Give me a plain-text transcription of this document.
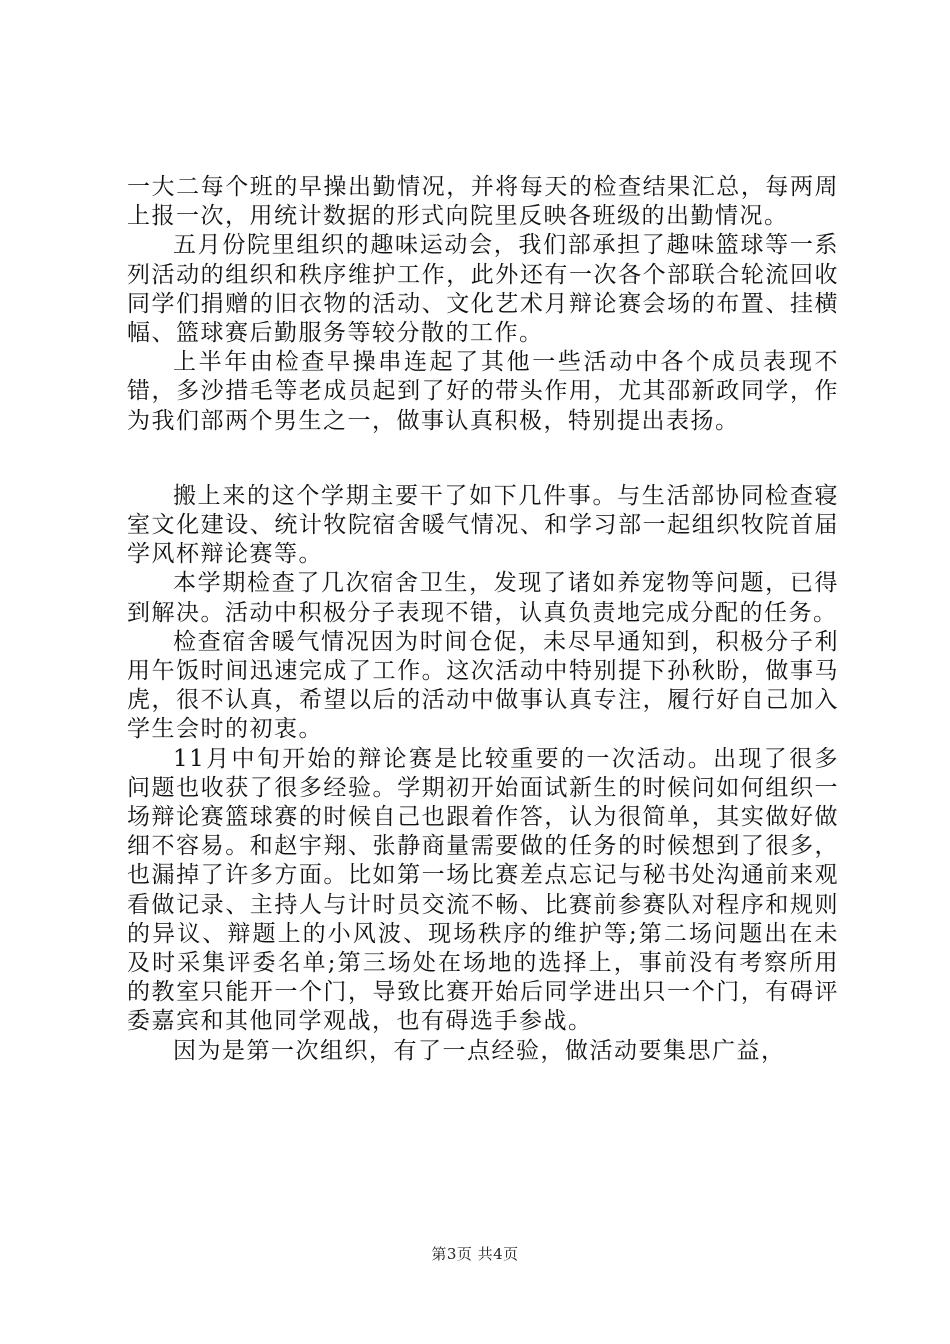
一大二每个班的早操出勤情况，并将每天的检查结果汇总，每两周上报一次，用统计数据的形式向院里反映各班级的出勤情况。

五月份院里组织的趣味运动会，我们部承担了趣味篮球等一系列活动的组织和秩序维护工作，此外还有一次各个部联合轮流回收同学们捐赠的旧衣物的活动、文化艺术月辩论赛会场的布置、挂横幅、篮球赛后勤服务等较分散的工作。

上半年由检查早操串连起了其他一些活动中各个成员表现不错，多沙措毛等老成员起到了好的带头作用，尤其邵新政同学，作为我们部两个男生之一，做事认真积极，特别提出表扬。

搬上来的这个学期主要干了如下几件事。与生活部协同检查寝室文化建设、统计牧院宿舍暖气情况、和学习部一起组织牧院首届学风杯辩论赛等。

本学期检查了几次宿舍卫生，发现了诸如养宠物等问题，已得到解决。活动中积极分子表现不错，认真负责地完成分配的任务。

检查宿舍暖气情况因为时间仓促，未尽早通知到，积极分子利用午饭时间迅速完成了工作。这次活动中特别提下孙秋盼，做事马虎，很不认真，希望以后的活动中做事认真专注，履行好自己加入学生会时的初衷。

11月中旬开始的辩论赛是比较重要的一次活动。出现了很多问题也收获了很多经验。学期初开始面试新生的时候问如何组织一场辩论赛篮球赛的时候自己也跟着作答，认为很简单，其实做好做细不容易。和赵宇翔、张静商量需要做的任务的时候想到了很多，也漏掉了许多方面。比如第一场比赛差点忘记与秘书处沟通前来观看做记录、主持人与计时员交流不畅、比赛前参赛队对程序和规则的异议、辩题上的小风波、现场秩序的维护等;第二场问题出在未及时采集评委名单;第三场处在场地的选择上，事前没有考察所用的教室只能开一个门，导致比赛开始后同学进出只一个门，有碍评委嘉宾和其他同学观战，也有碍选手参战。

因为是第一次组织，有了一点经验，做活动要集思广益，

第3页 共4页
